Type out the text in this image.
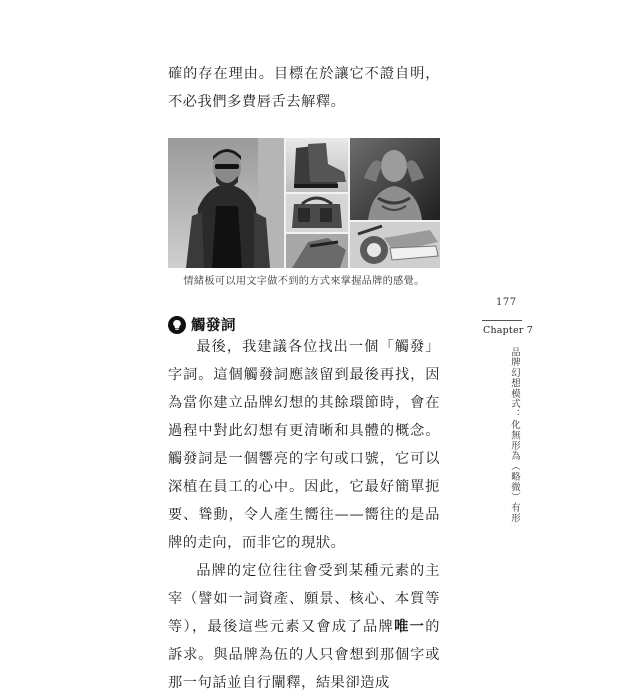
確的存在理由。目標在於讓它不證自明，不必我們多費唇舌去解釋。

情緒板可以用文字做不到的方式來掌握品牌的感覺。
觸發詞

最後，我建議各位找出一個「觸發」字詞。這個觸發詞應該留到最後再找，因為當你建立品牌幻想的其餘環節時，會在過程中對此幻想有更清晰和具體的概念。觸發詞是一個響亮的字句或口號，它可以深植在員工的心中。因此，它最好簡單扼要、聳動，令人產生嚮往——嚮往的是品牌的走向，而非它的現狀。

品牌的定位往往會受到某種元素的主宰（譬如一詞資產、願景、核心、本質等等），最後這些元素又會成了品牌唯一的訴求。與品牌為伍的人只會想到那個字或那一句話並自行闡釋，結果卻造成

177
Chapter 7
品牌幻想模式：化無形為（略微）有形
